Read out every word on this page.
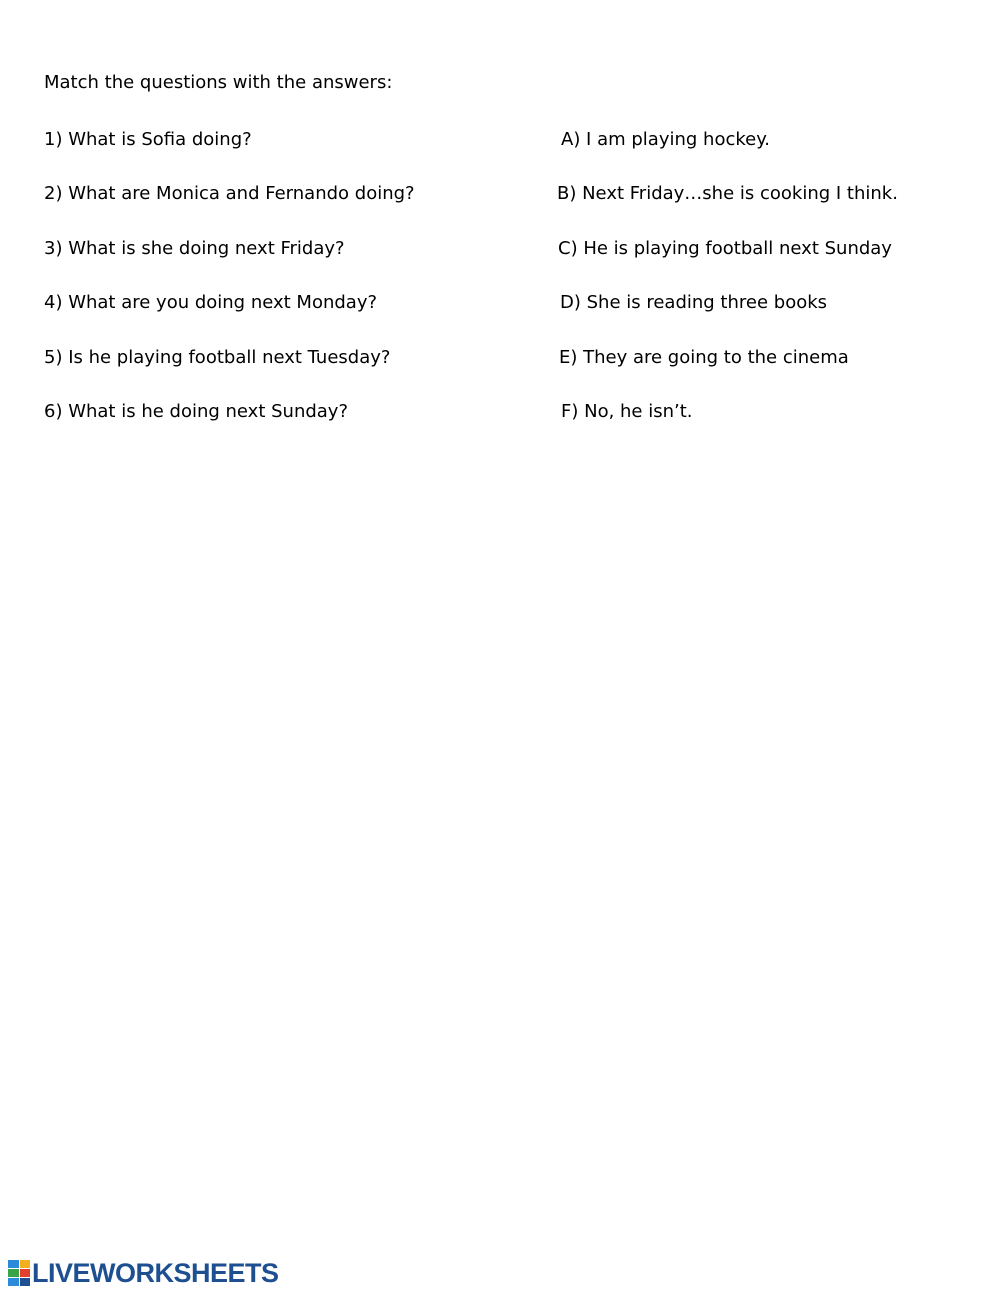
Match the questions with the answers:
1) What is Sofia doing?
2) What are Monica and Fernando doing?
3) What is she doing next Friday?
4) What are you doing next Monday?
5) Is he playing football next Tuesday?
6) What is he doing next Sunday?
A) I am playing hockey.
B) Next Friday…she is cooking I think.
C) He is playing football next Sunday
D) She is reading three books
E) They are going to the cinema
F) No, he isn’t.
LIVEWORKSHEETS
